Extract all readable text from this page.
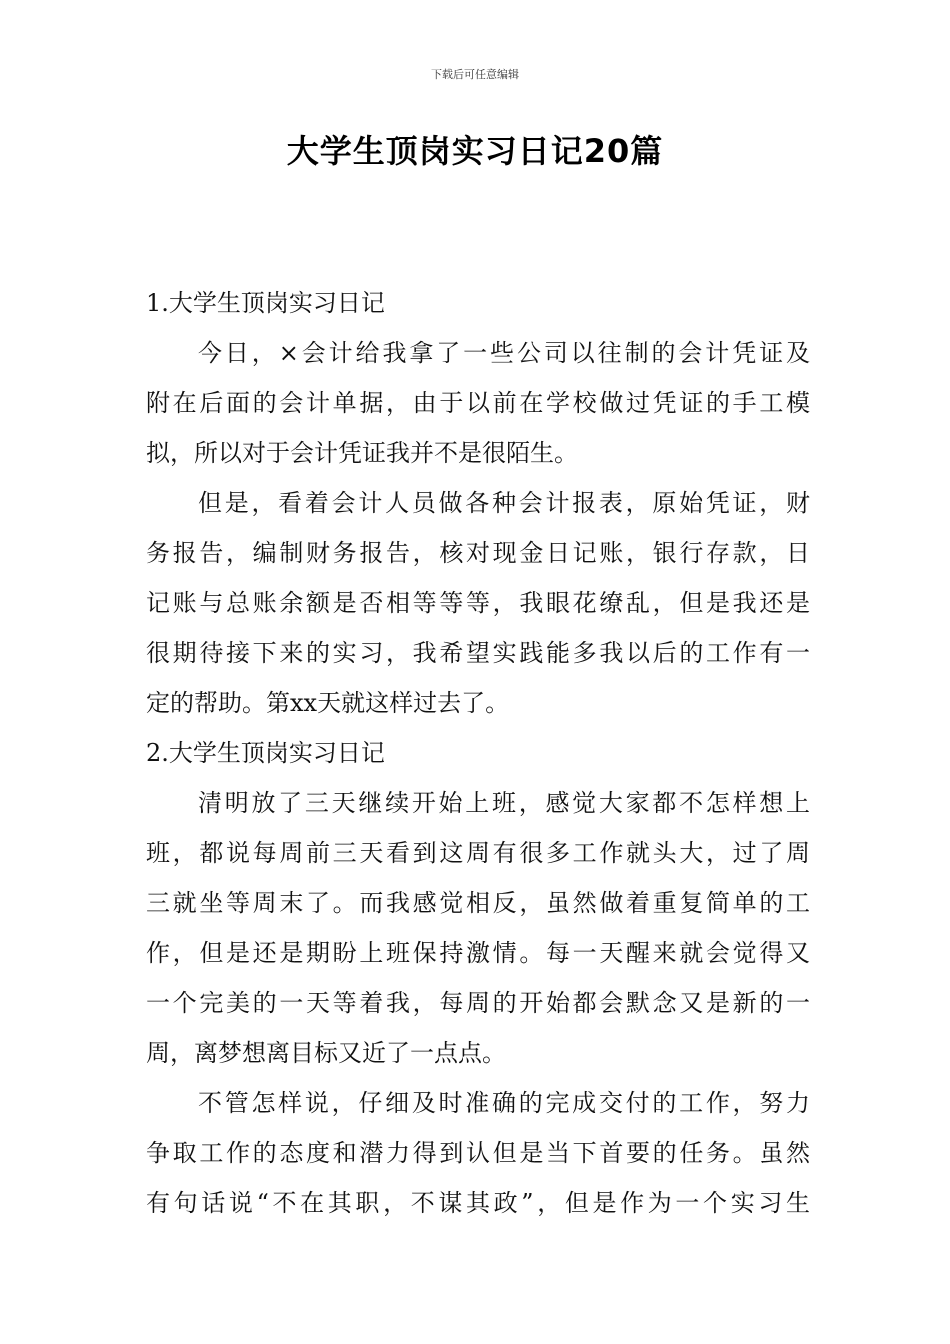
下载后可任意编辑
大学生顶岗实习日记20篇
1.大学生顶岗实习日记

今日，×会计给我拿了一些公司以往制的会计凭证及
附在后面的会计单据，由于以前在学校做过凭证的手工模
拟，所以对于会计凭证我并不是很陌生。

但是，看着会计人员做各种会计报表，原始凭证，财
务报告，编制财务报告，核对现金日记账，银行存款，日
记账与总账余额是否相等等等，我眼花缭乱，但是我还是
很期待接下来的实习，我希望实践能多我以后的工作有一
定的帮助。第xx天就这样过去了。

2.大学生顶岗实习日记

清明放了三天继续开始上班，感觉大家都不怎样想上
班，都说每周前三天看到这周有很多工作就头大，过了周
三就坐等周末了。而我感觉相反，虽然做着重复简单的工
作，但是还是期盼上班保持激情。每一天醒来就会觉得又
一个完美的一天等着我，每周的开始都会默念又是新的一
周，离梦想离目标又近了一点点。

不管怎样说，仔细及时准确的完成交付的工作，努力
争取工作的态度和潜力得到认但是当下首要的任务。虽然
有句话说“不在其职，不谋其政”，但是作为一个实习生
